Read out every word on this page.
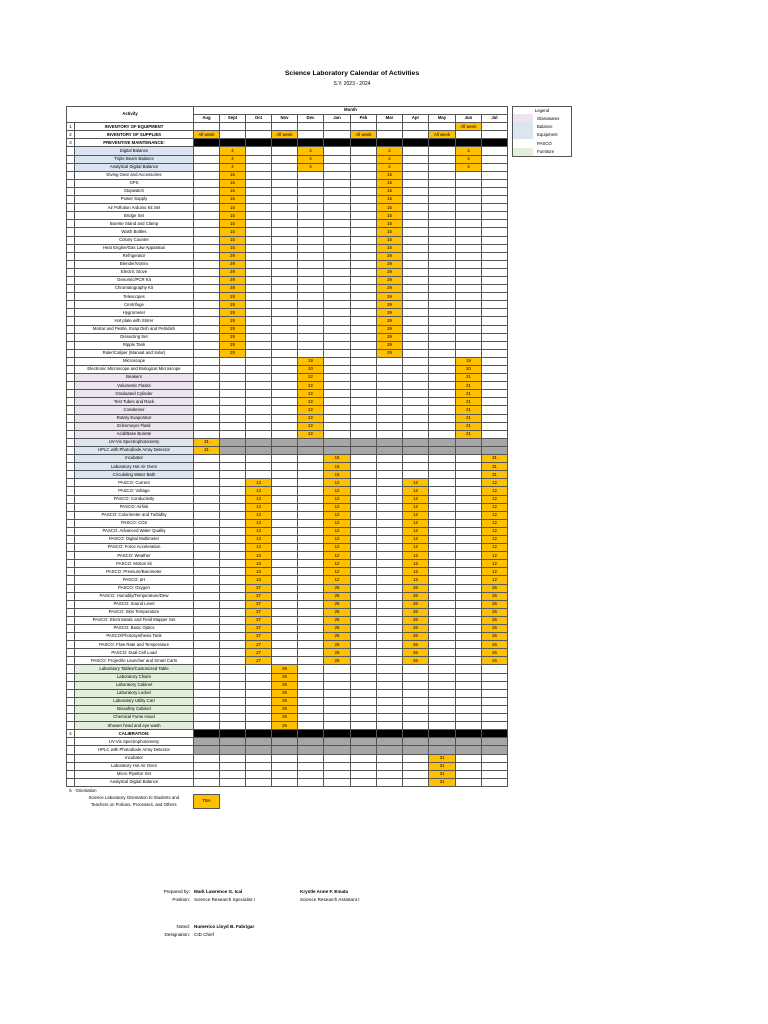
Science Laboratory Calendar of Activities
S.Y. 2023 - 2024
Activity		Month											
		Aug	Sept	Oct	Nov	Dec	Jan	Feb	Mar	Apr	May	Jun	Jul
1	INVENTORY OF EQUIPMENT											All week	
2	INVENTORY OF SUPPLIES	All week			All week			All week			All week		
3	PREVENTIVE MAINTENANCE:												
	Digital Balance		4			3			2			3	
	Triple Beam Balance		4			3			2			3	
	Analytical Digital Balance		4			3			2			3	
	Diving Gear and Accessories		15						15				
	GPS		15						15				
	Stopwatch		15						15				
	Power Supply		15						15				
	Air Pollution Arduino Kit Set		15						15				
	Bridge Set		15						15				
	Burette Stand and Clamp		15						15				
	Wash Bottles		15						15				
	Colony Counter		15						15				
	Heat Engine/Gas Law Apparatus		15						15				
	Refrigerator		29						29				
	Blender/Vortex		29						29				
	Electric Stove		29						29				
	Genomic/PCR Kit		29						29				
	Chromatography Kit		29						29				
	Telescopes		29						29				
	Centrifuge		29						29				
	Hygrometer		29						29				
	Hot plate with Stirrer		29						29				
	Mortar and Pestle, Evap Dish and Petridish		29						29				
	Dissecting Set		29						29				
	Ripple Tank		29						29				
	Ruler/Caliper (Manual and Solar)		29						29				
	Microscope					19						19	
	Electronic Microscope and Biological Microscope					20						20	
	Beakers					22						21	
	Volumetric Flasks					22						21	
	Graduated Cylinder					22						21	
	Test Tubes and Rack					22						21	
	Condenser					22						21	
	Rotary Evaporator					22						21	
	Erlenmeyer Flask					22						21	
	Acid/Base Burette					22						21	
	UV-Vis Spectrophotometry	31											
	HPLC with Photodiode Array Detector	31											
	Incubator						15						31
	Laboratory Hot Air Oven						15						31
	Circulating Water Bath						15						31
	PASCO: Current			13			12			12			12
	PASCO: Voltage			13			12			12			12
	PASCO: Conductivity			13			12			12			12
	PASCO: Airlink			13			12			12			12
	PASCO: Colorimeter and Turbidity			13			12			12			12
	PASCO: CO2			13			12			12			12
	PASCO: Advanced Water Quality			13			12			12			12
	PASCO: Digital Multimeter			13			12			12			12
	PASCO: Force Acceleration			13			12			12			12
	PASCO: Weather			13			12			12			12
	PASCO: Motion kit			13			12			12			12
	PASCO: Pressure/Barometer			13			12			12			12
	PASCO: pH			13			12			12			12
	PASCO: Oxygen			27			28			26			26
	PASCO: Humidity/Temperature/Dew			27			28			26			26
	PASCO: Sound Level			27			28			26			26
	PASCO: Skin Temperature			27			28			26			26
	PASCO: Electrostatic and Field Mapper Set			27			28			26			26
	PASCO: Basic Optics			27			28			26			26
	PASCO/Photosynthesis Tank			27			28			26			26
	PASCO: Flow Rate and Temperature			27			28			26			26
	PASCO: Dual Cell Load			27			28			26			26
	PASCO: Projectile Launcher and Smart Carts			27			28			26			26
	Laboratory Tables/Customized Table				29								
	Laboratory Chairs				29								
	Laboratory Cabinet				29								
	Laboratory Locker				29								
	Laboratory Utility Cart				29								
	Biosafety Cabinet				29								
	Chemical Fume Hood				29								
	Shower head and eye wash				29								
4	CALIBRATION:												
	UV-Vis Spectrophotometry												
	HPLC with Photodiode Array Detector												
	Incubator										31		
	Laboratory Hot Air Oven										31		
	Micro Pipettor Set										31		
	Analytical Digital Balance										31		
5	Orientation												
	Science Laboratory Orientation to Students and	TBA											
	Teachers on Policies, Processes, and Others												
Legend
Glasswares
Balance
Equipment
PASCO
Furniture
Prepared by:
Position:
Mark Lawrence G. Ical
Science Research Specialist I
Krystle Anne F. Emata
Science Research Assistant I
Noted:
Designation:
Numerico Lloyd B. Fabrigar
CID Chief
